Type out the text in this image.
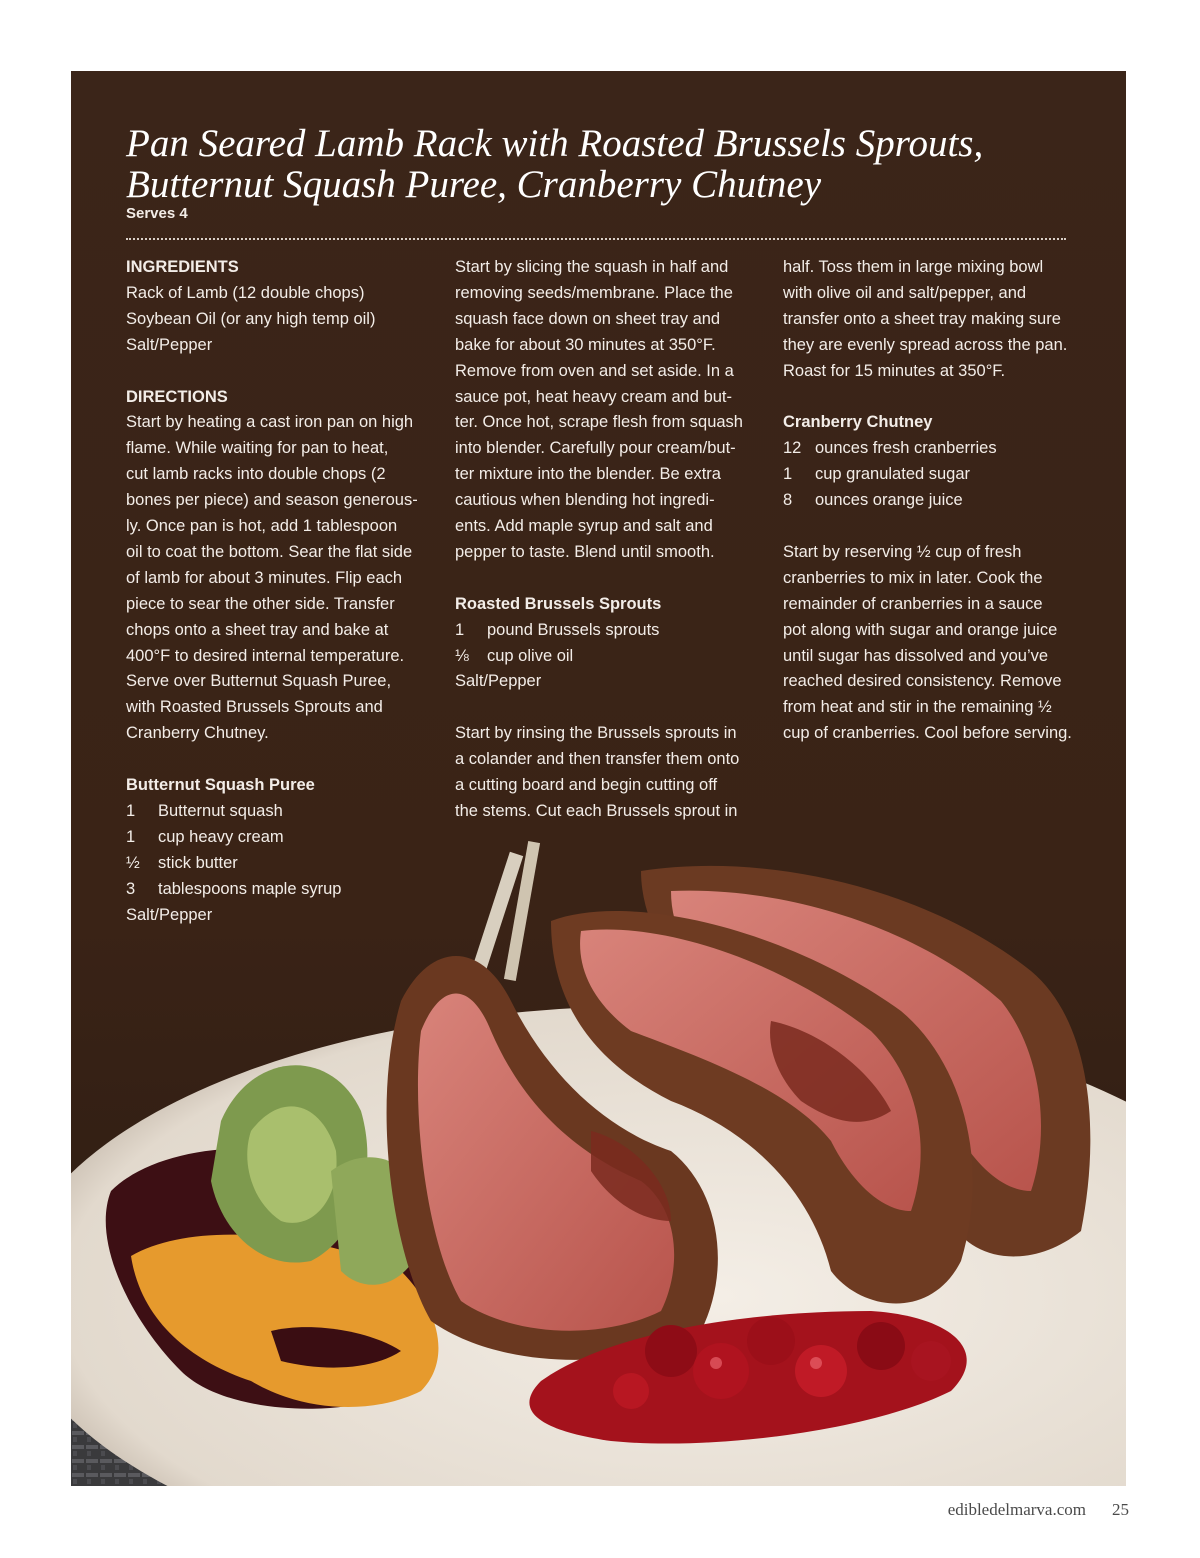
Pan Seared Lamb Rack with Roasted Brussels Sprouts,
Butternut Squash Puree, Cranberry Chutney
Serves 4
INGREDIENTS
Rack of Lamb (12 double chops)
Soybean Oil (or any high temp oil)
Salt/Pepper
DIRECTIONS
Start by heating a cast iron pan on high
flame. While waiting for pan to heat,
cut lamb racks into double chops (2
bones per piece) and season generous-
ly. Once pan is hot, add 1 tablespoon
oil to coat the bottom. Sear the flat side
of lamb for about 3 minutes. Flip each
piece to sear the other side. Transfer
chops onto a sheet tray and bake at
400°F to desired internal temperature.
Serve over Butternut Squash Puree,
with Roasted Brussels Sprouts and
Cranberry Chutney.
Butternut Squash Puree
1 Butternut squash
1 cup heavy cream
½ stick butter
3 tablespoons maple syrup
Salt/Pepper
Start by slicing the squash in half and
removing seeds/membrane. Place the
squash face down on sheet tray and
bake for about 30 minutes at 350°F.
Remove from oven and set aside. In a
sauce pot, heat heavy cream and but-
ter. Once hot, scrape flesh from squash
into blender. Carefully pour cream/but-
ter mixture into the blender. Be extra
cautious when blending hot ingredi-
ents. Add maple syrup and salt and
pepper to taste. Blend until smooth.
Roasted Brussels Sprouts
1 pound Brussels sprouts
⅛ cup olive oil
Salt/Pepper
Start by rinsing the Brussels sprouts in
a colander and then transfer them onto
a cutting board and begin cutting off
the stems. Cut each Brussels sprout in
half. Toss them in large mixing bowl
with olive oil and salt/pepper, and
transfer onto a sheet tray making sure
they are evenly spread across the pan.
Roast for 15 minutes at 350°F.
Cranberry Chutney
12 ounces fresh cranberries
1 cup granulated sugar
8 ounces orange juice
Start by reserving ½ cup of fresh
cranberries to mix in later. Cook the
remainder of cranberries in a sauce
pot along with sugar and orange juice
until sugar has dissolved and you’ve
reached desired consistency. Remove
from heat and stir in the remaining ½
cup of cranberries. Cool before serving.
edibledelmarva.com 25
